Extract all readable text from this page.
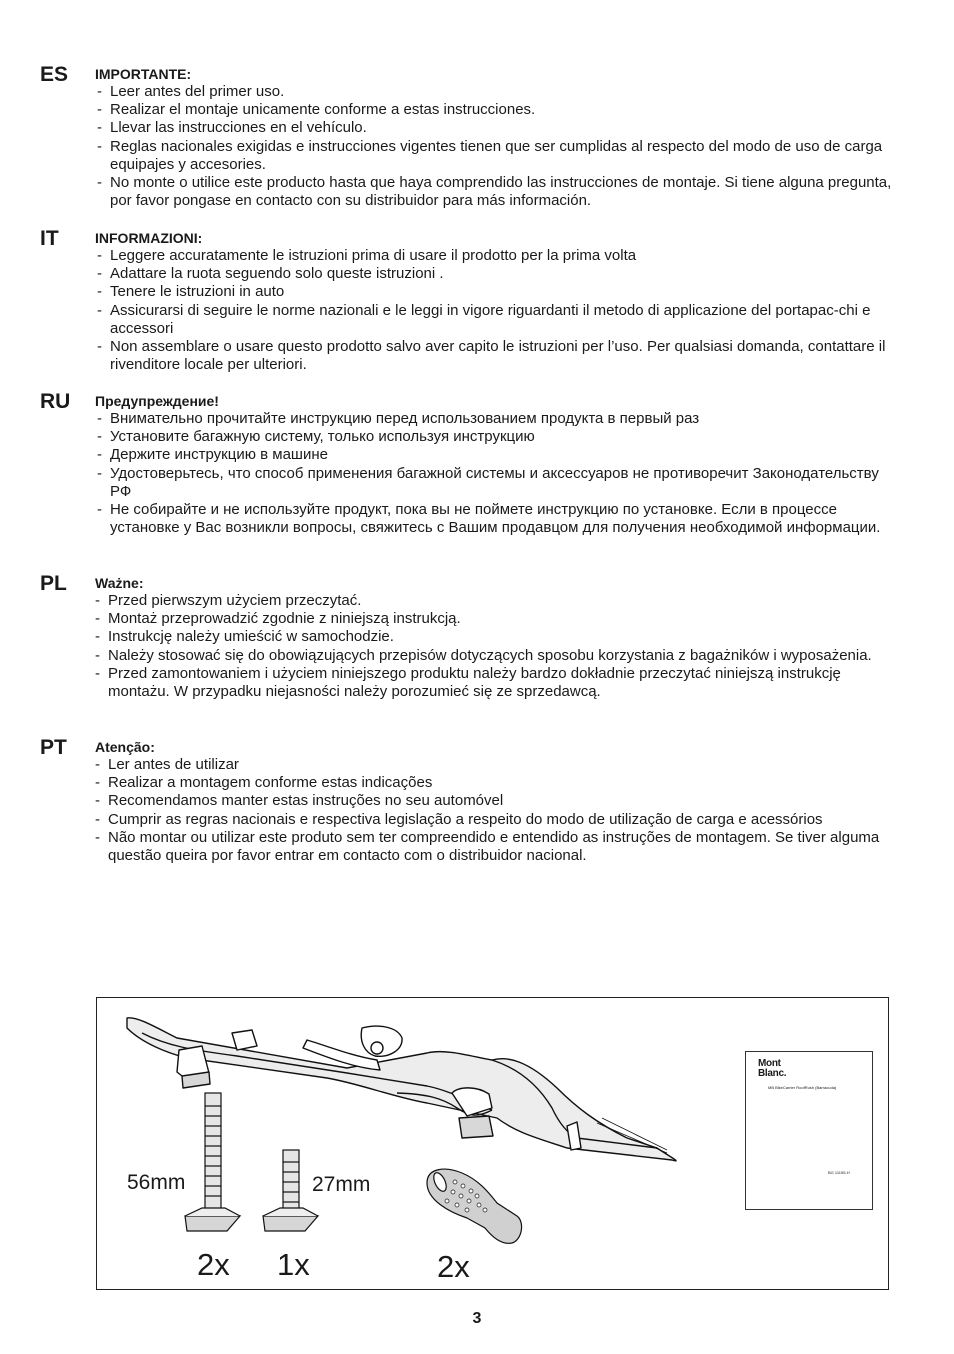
ES IMPORTANTE:

- Leer antes del primer uso.
- Realizar el montaje unicamente conforme a estas instrucciones.
- Llevar las instrucciones en el vehículo.
- Reglas nacionales exigidas e instrucciones vigentes tienen que ser cumplidas al respecto del modo de uso de carga equipajes y accesories.
- No monte o utilice este producto hasta que haya comprendido las instrucciones de montaje. Si tiene alguna pregunta, por favor pongase en contacto con su distribuidor para más información.
IT	INFORMAZIONI:

- Leggere accuratamente le istruzioni prima di usare il prodotto per la prima volta
- Adattare la ruota seguendo solo queste istruzioni .
- Tenere le istruzioni in auto
- Assicurarsi di seguire le norme nazionali e le leggi in vigore riguardanti il metodo di applicazione del portapac-chi e accessori
- Non assemblare o usare questo prodotto salvo aver capito le istruzioni per l’uso. Per qualsiasi domanda, contattare il rivenditore locale per ulteriori.
RU Предупреждение!

- Внимательно прочитайте инструкцию перед использованием продукта в первый раз
- Установите багажную систему, только используя инструкцию
- Держите инструкцию в машине
- Удостоверьтесь, что способ применения багажной системы и аксессуаров не противоречит Законодательству РФ
- Не собирайте и не используйте продукт, пока вы не поймете инструкцию по установке. Если в процессе установке у Вас возникли вопросы, свяжитесь с Вашим продавцом для получения необходимой информации.
PL Ważne:

- Przed pierwszym użyciem przeczytać.
- Montaż przeprowadzić zgodnie z niniejszą instrukcją.
- Instrukcję należy umieścić w samochodzie.
- Należy stosować się do obowiązujących przepisów dotyczących sposobu korzystania z bagażników i wyposażenia.
- Przed zamontowaniem i użyciem niniejszego produktu należy bardzo dokładnie przeczytać niniejszą instrukcję montażu. W przypadku niejasności należy porozumieć się ze sprzedawcą.
PT Atenção:

- Ler antes de utilizar
- Realizar a montagem conforme estas indicações
- Recomendamos manter estas instruções no seu automóvel
- Cumprir as regras nacionais e respectiva legislação a respeito do modo de utilização de carga e acessórios
- Não montar ou utilizar este produto sem ter compreendido e entendido as instruções de montagem. Se tiver alguma questão queira por favor entrar em contacto com o distribuidor nacional.
56mm	27mm
2x 1x	2x
Mont
Blanc.
MB BikeCarrier RoofRush (Barracuda)
BG 11155-H
3
